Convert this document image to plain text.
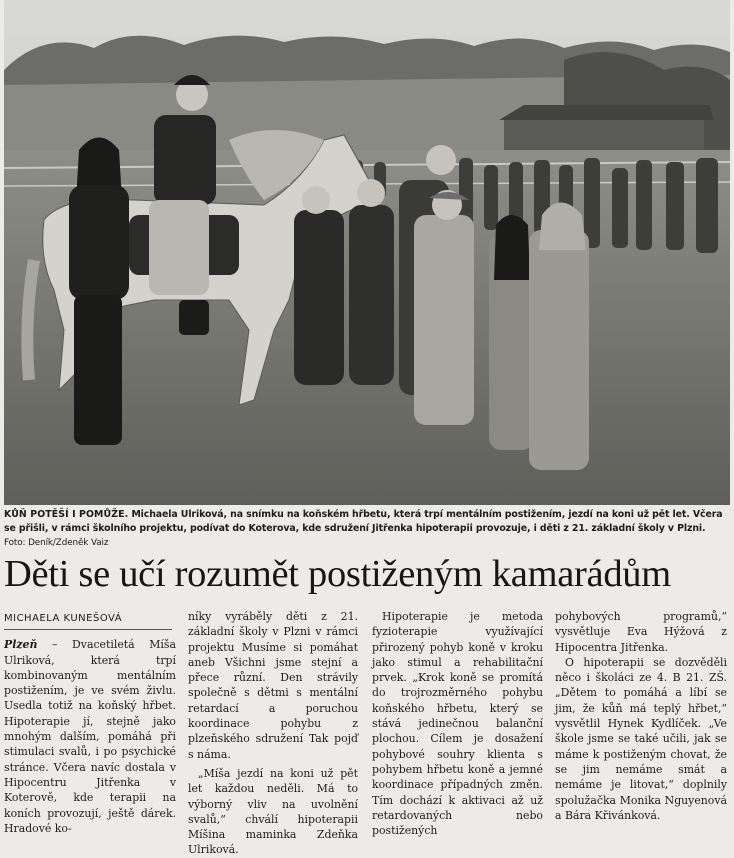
KŮŇ POTĚŠÍ I POMŮŽE. Michaela Ulriková, na snímku na koňském hřbetu, která trpí mentálním postižením, jezdí na koni už pět let. Včera se přišli, v rámci školního projektu, podívat do Koterova, kde sdružení Jitřenka hipoterapii provozuje, i děti z 21. základní školy v Plzni. Foto: Deník/Zdeněk Vaiz
Děti se učí rozumět postiženým kamarádům
MICHAELA KUNEŠOVÁ

Plzeň – Dvacetiletá Míša Ulriková, která trpí kombinovaným mentálním postižením, je ve svém živlu. Usedla totiž na koňský hřbet. Hipoterapie jí, stejně jako mnohým dalším, pomáhá při stimulaci svalů, i po psychické stránce. Včera navíc dostala v Hipocentru Jitřenka v Koterově, kde terapii na koních provozují, ještě dárek. Hradové ko-

níky vyráběly děti z 21. základní školy v Plzni v rámci projektu Musíme si pomáhat aneb Všichni jsme stejní a přece různí. Den strávily společně s dětmi s mentální retardací a poruchou koordinace pohybu z plzeňského sdružení Tak pojď s náma.

„Míša jezdí na koni už pět let každou neděli. Má to výborný vliv na uvolnění svalů,“ chválí hipoterapii Míšina maminka Zdeňka Ulriková.

Hipoterapie je metoda fyzioterapie využívající přirozený pohyb koně v kroku jako stimul a rehabilitační prvek. „Krok koně se promítá do trojrozměrného pohybu koňského hřbetu, který se stává jedinečnou balanční plochou. Cílem je dosažení pohybové souhry klienta s pohybem hřbetu koně a jemné koordinace případných změn. Tím dochází k aktivaci až už retardovaných nebo postižených

pohybových programů,“ vysvětluje Eva Hýžová z Hipocentra Jitřenka.

O hipoterapii se dozvěděli něco i školáci ze 4. B 21. ZŠ. „Dětem to pomáhá a líbí se jim, že kůň má teplý hřbet,“ vysvětlil Hynek Kydlíček. „Ve škole jsme se také učili, jak se máme k postiženým chovat, že se jim nemáme smát a nemáme je litovat,“ doplnily spolužačka Monika Nguyenová a Bára Křivánková.
